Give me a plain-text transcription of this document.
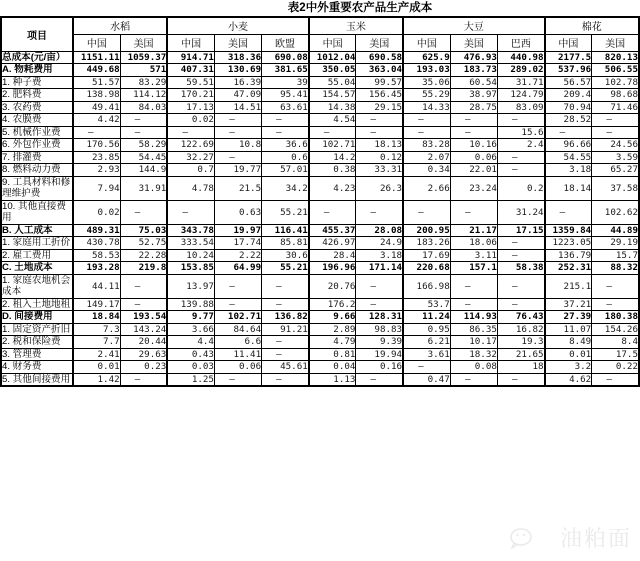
表2中外重要农产品生产成本
项目	水稻		小麦			玉米		大豆			棉花	
	中国	美国	中国	美国	欧盟	中国	美国	中国	美国	巴西	中国	美国
总成本(元/亩）	1151.11	1059.37	914.71	318.36	690.08	1012.04	690.58	625.9	476.93	440.98	2177.5	820.13
A. 物耗费用	449.68	571	407.31	130.69	381.65	350.05	363.04	193.03	183.73	289.02	537.96	506.55
1. 种子费	51.57	83.29	59.51	16.39	39	55.04	99.57	35.06	60.54	31.71	56.57	102.78
2. 肥料费	138.98	114.12	170.21	47.09	95.41	154.57	156.45	55.29	38.97	124.79	209.4	98.68
3. 农药费	49.41	84.03	17.13	14.51	63.61	14.38	29.15	14.33	28.75	83.09	70.94	71.46
4. 农膜费	4.42	–	0.02	–	–	4.54	–	–	–	–	28.52	–
5. 机械作业费	–	–	–	–	–	–	–	–	–	15.6	–	–
6. 外包作业费	170.56	58.29	122.69	10.8	36.6	102.71	18.13	83.28	10.16	2.4	96.66	24.56
7. 排灌费	23.85	54.45	32.27	–	0.6	14.2	0.12	2.07	0.06	–	54.55	3.59
8. 燃料动力费	2.93	144.9	0.7	19.77	57.01	0.38	33.31	0.34	22.01	–	3.18	65.27
9. 工具材料和修理维护费	7.94	31.91	4.78	21.5	34.2	4.23	26.3	2.66	23.24	0.2	18.14	37.58
10. 其他直接费用	0.02	–	–	0.63	55.21	–	–	–	–	31.24	–	102.62
B. 人工成本	489.31	75.03	343.78	19.97	116.41	455.37	28.08	200.95	21.17	17.15	1359.84	44.89
1. 家庭用工折价	430.78	52.75	333.54	17.74	85.81	426.97	24.9	183.26	18.06	–	1223.05	29.19
2. 雇工费用	58.53	22.28	10.24	2.22	30.6	28.4	3.18	17.69	3.11	–	136.79	15.7
C. 土地成本	193.28	219.8	153.85	64.99	55.21	196.96	171.14	220.68	157.1	58.38	252.31	88.32
1. 家庭农地机会成本	44.11	–	13.97	–	–	20.76	–	166.98	–	–	215.1	–
2. 租入土地地租	149.17	–	139.88	–	–	176.2	–	53.7	–	–	37.21	–
D. 间接费用	18.84	193.54	9.77	102.71	136.82	9.66	128.31	11.24	114.93	76.43	27.39	180.38
1. 固定资产折旧	7.3	143.24	3.66	84.64	91.21	2.89	98.83	0.95	86.35	16.82	11.07	154.26
2. 税和保险费	7.7	20.44	4.4	6.6	–	4.79	9.39	6.21	10.17	19.3	8.49	8.4
3. 管理费	2.41	29.63	0.43	11.41	–	0.81	19.94	3.61	18.32	21.65	0.01	17.5
4. 财务费	0.01	0.23	0.03	0.06	45.61	0.04	0.16	–	0.08	18	3.2	0.22
5. 其他间接费用	1.42	–	1.25	–	–	1.13	–	0.47	–	–	4.62	–
油粕面
